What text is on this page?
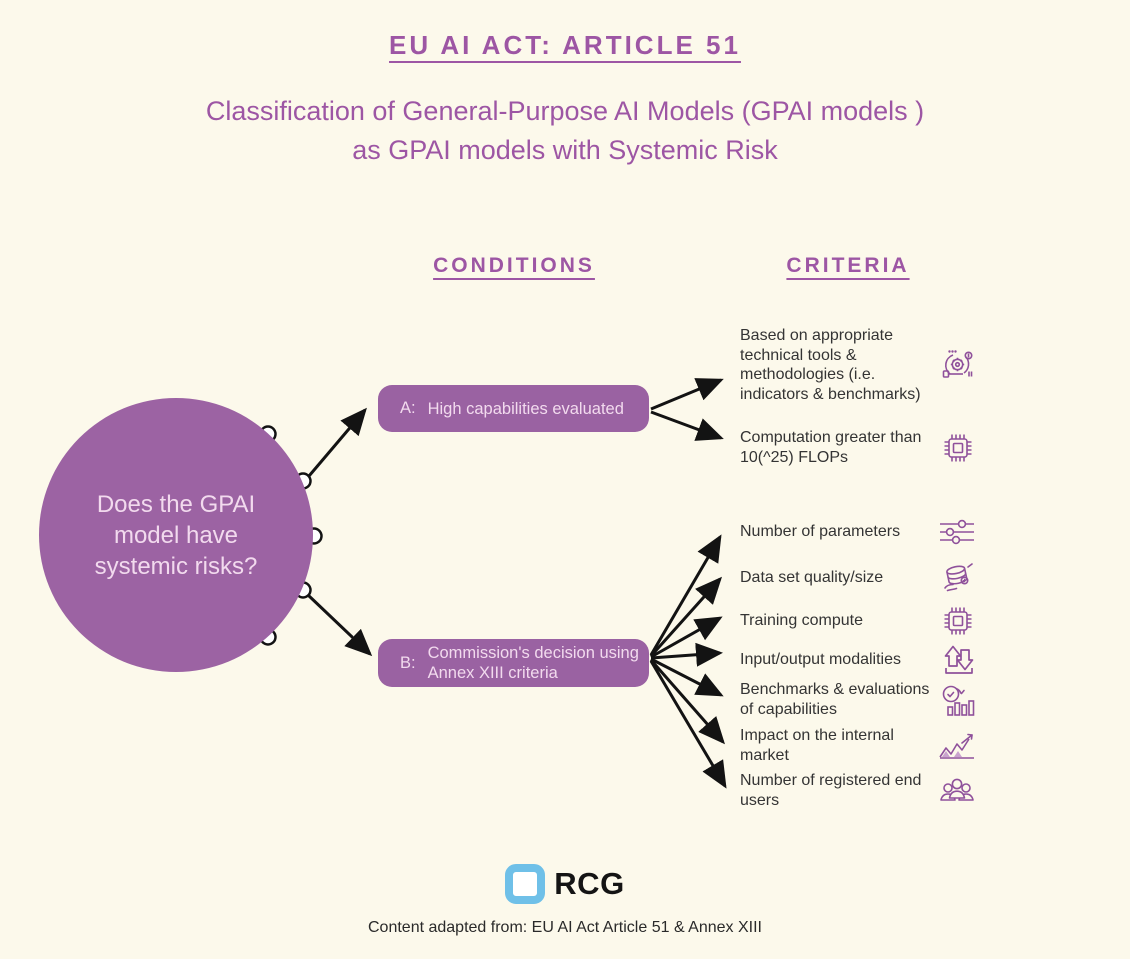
EU AI ACT: ARTICLE 51
Classification of General-Purpose AI Models (GPAI models )
as GPAI models with Systemic Risk
CONDITIONS	CRITERIA
Does the GPAI model have systemic risks?
A: High capabilities evaluated
B:
Commission's decision using Annex XIII criteria
Based on appropriate technical tools & methodologies (i.e. indicators & benchmarks)
Computation greater than 10(^25) FLOPs
Number of parameters
Data set quality/size
Training compute
Input/output modalities
Benchmarks & evaluations of capabilities
Impact on the internal market
Number of registered end users
RCG
Content adapted from: EU AI Act Article 51 & Annex XIII
